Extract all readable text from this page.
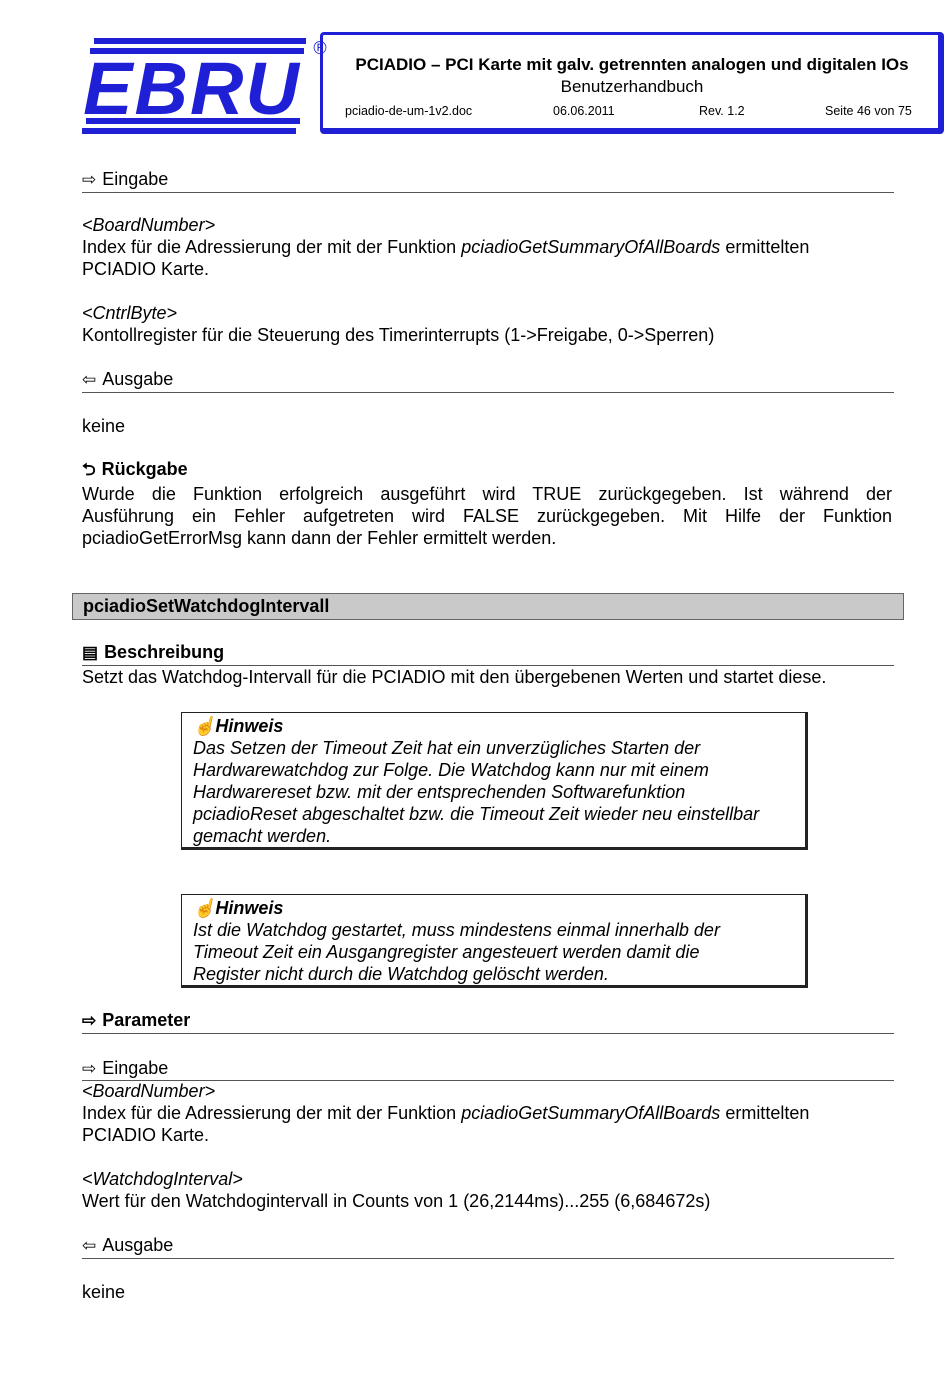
EBRU ®
PCIADIO – PCI Karte mit galv. getrennten analogen und digitalen IOs
Benutzerhandbuch
pciadio-de-um-1v2.doc	06.06.2011	Rev. 1.2	Seite 46 von 75
⇨ Eingabe
<BoardNumber>
Index für die Adressierung der mit der Funktion pciadioGetSummaryOfAllBoards ermittelten
PCIADIO Karte.
<CntrlByte>
Kontollregister für die Steuerung des Timerinterrupts (1->Freigabe, 0->Sperren)
⇦ Ausgabe
keine
⮌ Rückgabe
Wurde die Funktion erfolgreich ausgeführt wird TRUE zurückgegeben. Ist während der
Ausführung ein Fehler aufgetreten wird FALSE zurückgegeben. Mit Hilfe der Funktion
pciadioGetErrorMsg kann dann der Fehler ermittelt werden.
pciadioSetWatchdogIntervall
▤ Beschreibung
Setzt das Watchdog-Intervall für die PCIADIO mit den übergebenen Werten und startet diese.
☝Hinweis
Das Setzen der Timeout Zeit hat ein unverzügliches Starten der
Hardwarewatchdog zur Folge. Die Watchdog kann nur mit einem
Hardwarereset bzw. mit der entsprechenden Softwarefunktion
pciadioReset abgeschaltet bzw. die Timeout Zeit wieder neu einstellbar
gemacht werden.
☝Hinweis
Ist die Watchdog gestartet, muss mindestens einmal innerhalb der
Timeout Zeit ein Ausgangregister angesteuert werden damit die
Register nicht durch die Watchdog gelöscht werden.
⇨ Parameter
⇨ Eingabe
<BoardNumber>
Index für die Adressierung der mit der Funktion pciadioGetSummaryOfAllBoards ermittelten
PCIADIO Karte.
<WatchdogInterval>
Wert für den Watchdogintervall in Counts von 1 (26,2144ms)...255 (6,684672s)
⇦ Ausgabe
keine
